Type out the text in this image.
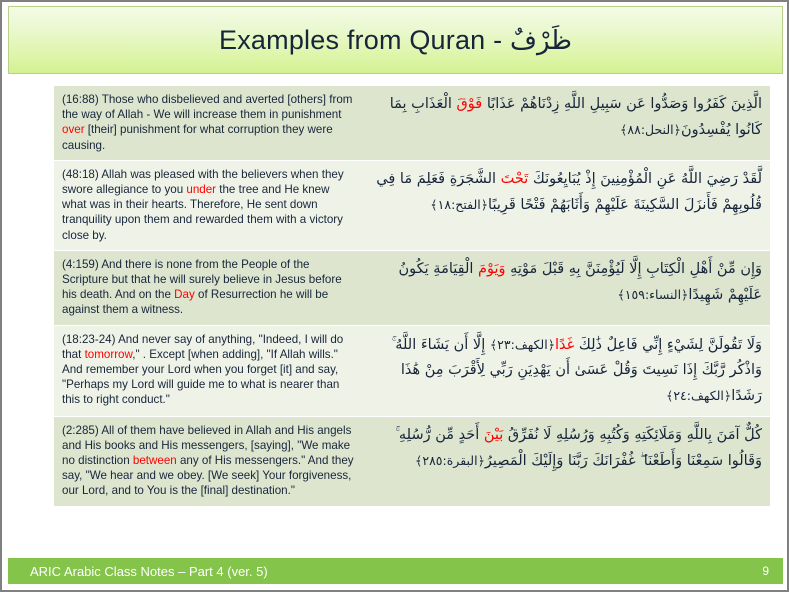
Examples from Quran - ظَرْفٌ
(16:88) Those who disbelieved and averted [others] from the way of Allah - We will increase them in punishment over [their] punishment for what corruption they were causing.	الَّذِينَ كَفَرُوا وَصَدُّوا عَن سَبِيلِ اللَّهِ زِدْنَاهُمْ عَذَابًا فَوْقَ الْعَذَابِ بِمَا كَانُوا يُفْسِدُونَ﴿النحل:٨٨﴾
(48:18) Allah was pleased with the believers when they swore allegiance to you under the tree and He knew what was in their hearts. Therefore, He sent down tranquility upon them and rewarded them with a victory close by.	لَّقَدْ رَضِيَ اللَّهُ عَنِ الْمُؤْمِنِينَ إِذْ يُبَايِعُونَكَ تَحْتَ الشَّجَرَةِ فَعَلِمَ مَا فِي قُلُوبِهِمْ فَأَنزَلَ السَّكِينَةَ عَلَيْهِمْ وَأَثَابَهُمْ فَتْحًا قَرِيبًا﴿الفتح:١٨﴾
(4:159) And there is none from the People of the Scripture but that he will surely believe in Jesus before his death. And on the Day of Resurrection he will be against them a witness.	وَإِن مِّنْ أَهْلِ الْكِتَابِ إِلَّا لَيُؤْمِنَنَّ بِهِ قَبْلَ مَوْتِهِ وَيَوْمَ الْقِيَامَةِ يَكُونُ عَلَيْهِمْ شَهِيدًا﴿النساء:١٥٩﴾
(18:23-24) And never say of anything, "Indeed, I will do that tomorrow," . Except [when adding], "If Allah wills." And remember your Lord when you forget [it] and say, "Perhaps my Lord will guide me to what is nearer than this to right conduct."	وَلَا تَقُولَنَّ لِشَيْءٍ إِنِّي فَاعِلٌ ذَٰلِكَ غَدًا﴿الكهف:٢٣﴾ إِلَّا أَن يَشَاءَ اللَّهُ ۚ وَاذْكُر رَّبَّكَ إِذَا نَسِيتَ وَقُلْ عَسَىٰ أَن يَهْدِيَنِ رَبِّي لِأَقْرَبَ مِنْ هَٰذَا رَشَدًا﴿الكهف:٢٤﴾
(2:285) All of them have believed in Allah and His angels and His books and His messengers, [saying], "We make no distinction between any of His messengers." And they say, "We hear and we obey. [We seek] Your forgiveness, our Lord, and to You is the [final] destination."	كُلٌّ آمَنَ بِاللَّهِ وَمَلَائِكَتِهِ وَكُتُبِهِ وَرُسُلِهِ لَا نُفَرِّقُ بَيْنَ أَحَدٍ مِّن رُّسُلِهِ ۚ وَقَالُوا سَمِعْنَا وَأَطَعْنَا ۖ غُفْرَانَكَ رَبَّنَا وَإِلَيْكَ الْمَصِيرُ﴿البقرة:٢٨٥﴾
ARIC Arabic Class Notes – Part 4 (ver. 5)	9
